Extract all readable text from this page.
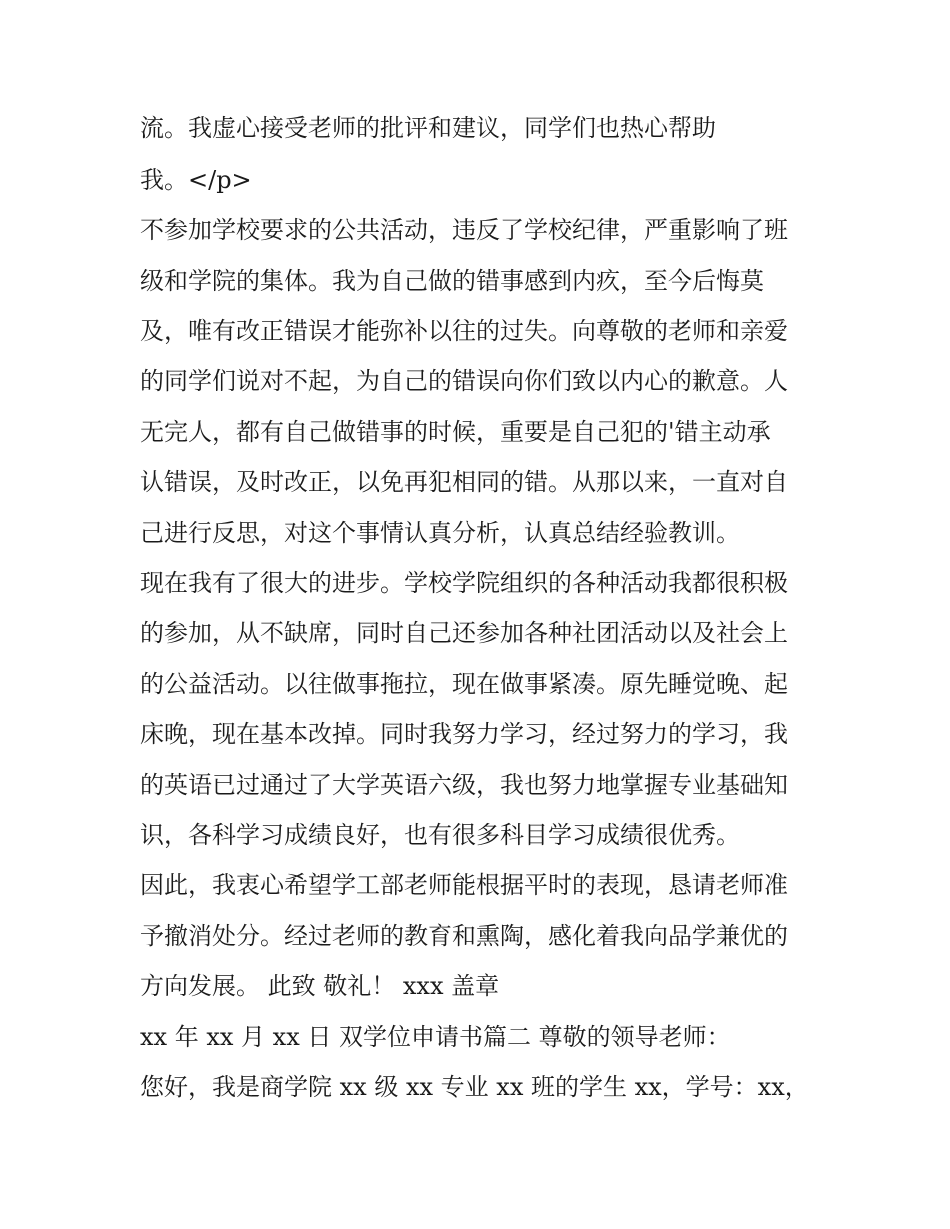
流。我虚心接受老师的批评和建议，同学们也热心帮助

我。</p>

不参加学校要求的公共活动，违反了学校纪律，严重影响了班

级和学院的集体。我为自己做的错事感到内疚，至今后悔莫

及，唯有改正错误才能弥补以往的过失。向尊敬的老师和亲爱

的同学们说对不起，为自己的错误向你们致以内心的歉意。人

无完人，都有自己做错事的时候，重要是自己犯的'错主动承

认错误，及时改正，以免再犯相同的错。从那以来，一直对自

己进行反思，对这个事情认真分析，认真总结经验教训。

现在我有了很大的进步。学校学院组织的各种活动我都很积极

的参加，从不缺席，同时自己还参加各种社团活动以及社会上

的公益活动。以往做事拖拉，现在做事紧凑。原先睡觉晚、起

床晚，现在基本改掉。同时我努力学习，经过努力的学习，我

的英语已过通过了大学英语六级，我也努力地掌握专业基础知

识，各科学习成绩良好，也有很多科目学习成绩很优秀。

因此，我衷心希望学工部老师能根据平时的表现，恳请老师准

予撤消处分。经过老师的教育和熏陶，感化着我向品学兼优的

方向发展。 此致 敬礼！ xxx 盖章

xx 年 xx 月 xx 日 双学位申请书篇二 尊敬的领导老师：

您好，我是商学院 xx 级 xx 专业 xx 班的学生 xx，学号：xx，
